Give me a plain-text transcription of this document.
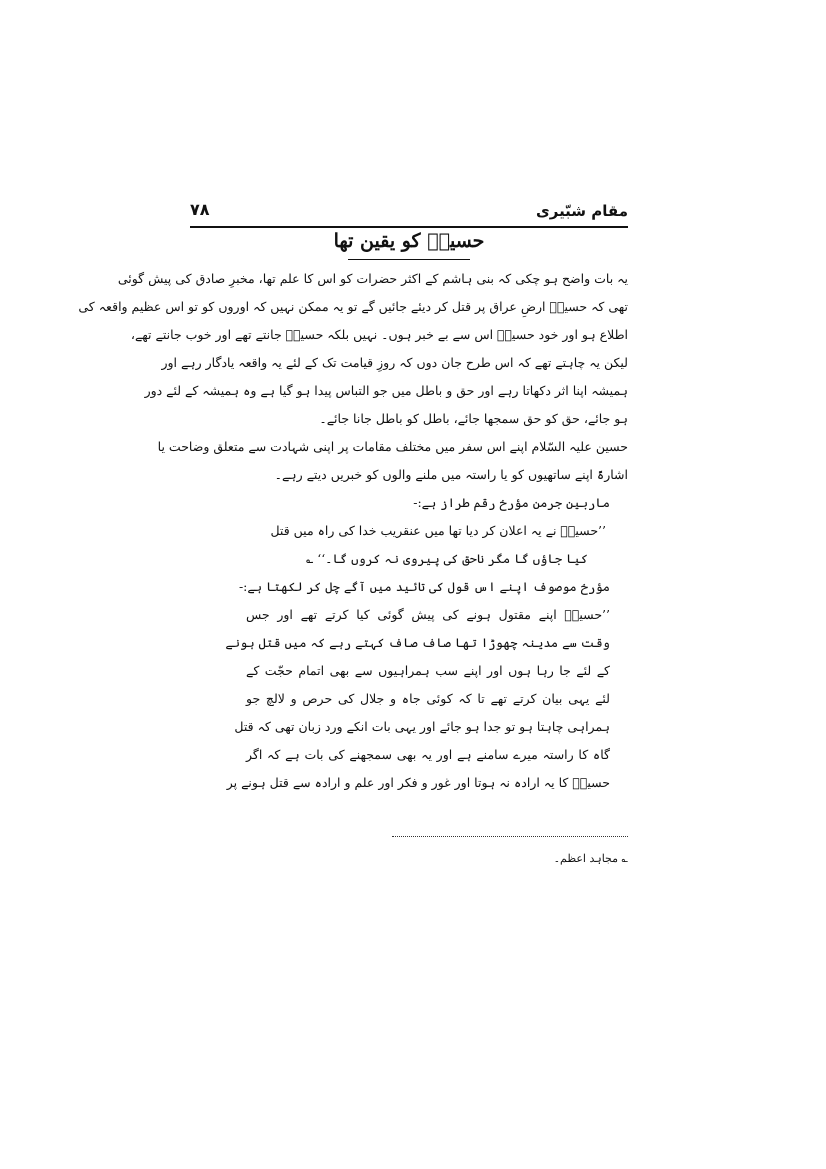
مقام شبّیری
۷۸
حسینؑ کو یقین تھا
یہ بات واضح ہو چکی کہ بنی ہاشم کے اکثر حضرات کو اس کا علم تھا، مخبرِ صادق کی پیش گوئی
تھی کہ حسینؑ ارضِ عراق پر قتل کر دیئے جائیں گے تو یہ ممکن نہیں کہ اوروں کو تو اس عظیم واقعہ کی
اطلاع ہو اور خود حسینؑ اس سے بے خبر ہوں۔ نہیں بلکہ حسینؑ جانتے تھے اور خوب جانتے تھے،
لیکن یہ چاہتے تھے کہ اس طرح جان دوں کہ روزِ قیامت تک کے لئے یہ واقعہ یادگار رہے اور
ہمیشہ اپنا اثر دکھاتا رہے اور حق و باطل میں جو التباس پیدا ہو گیا ہے وہ ہمیشہ کے لئے دور
ہو جائے، حق کو حق سمجھا جائے، باطل کو باطل جانا جائے۔
حسین علیہ السّلام اپنے اس سفر میں مختلف مقامات پر اپنی شہادت سے متعلق وضاحت یا
اشارۃً اپنے ساتھیوں کو یا راستہ میں ملنے والوں کو خبریں دیتے رہے۔
ماربین جرمن مؤرخ رقم طراز ہے:-
’’حسینؑ نے یہ اعلان کر دیا تھا میں عنقریب خدا کی راہ میں قتل
کیا جاؤں گا مگر ناحق کی پیروی نہ کروں گا۔‘‘ ؎
مؤرخ موصوف اپنے اس قول کی تائید میں آگے چل کر لکھتا ہے:-
’’حسینؑ اپنے مقتول ہونے کی پیش گوئی کیا کرتے تھے اور جس
وقت سے مدینہ چھوڑا تھا صاف صاف کہتے رہے کہ میں قتل ہونے
کے لئے جا رہا ہوں اور اپنے سب ہمراہیوں سے بھی اتمام حجّت کے
لئے یہی بیان کرتے تھے تا کہ کوئی جاہ و جلال کی حرص و لالچ جو
ہمراہی چاہتا ہو تو جدا ہو جائے اور یہی بات انکے ورد زبان تھی کہ قتل
گاہ کا راستہ میرے سامنے ہے اور یہ بھی سمجھنے کی بات ہے کہ اگر
حسینؑ کا یہ ارادہ نہ ہوتا اور غور و فکر اور علم و ارادہ سے قتل ہونے پر
؎ مجاہد اعظم۔
